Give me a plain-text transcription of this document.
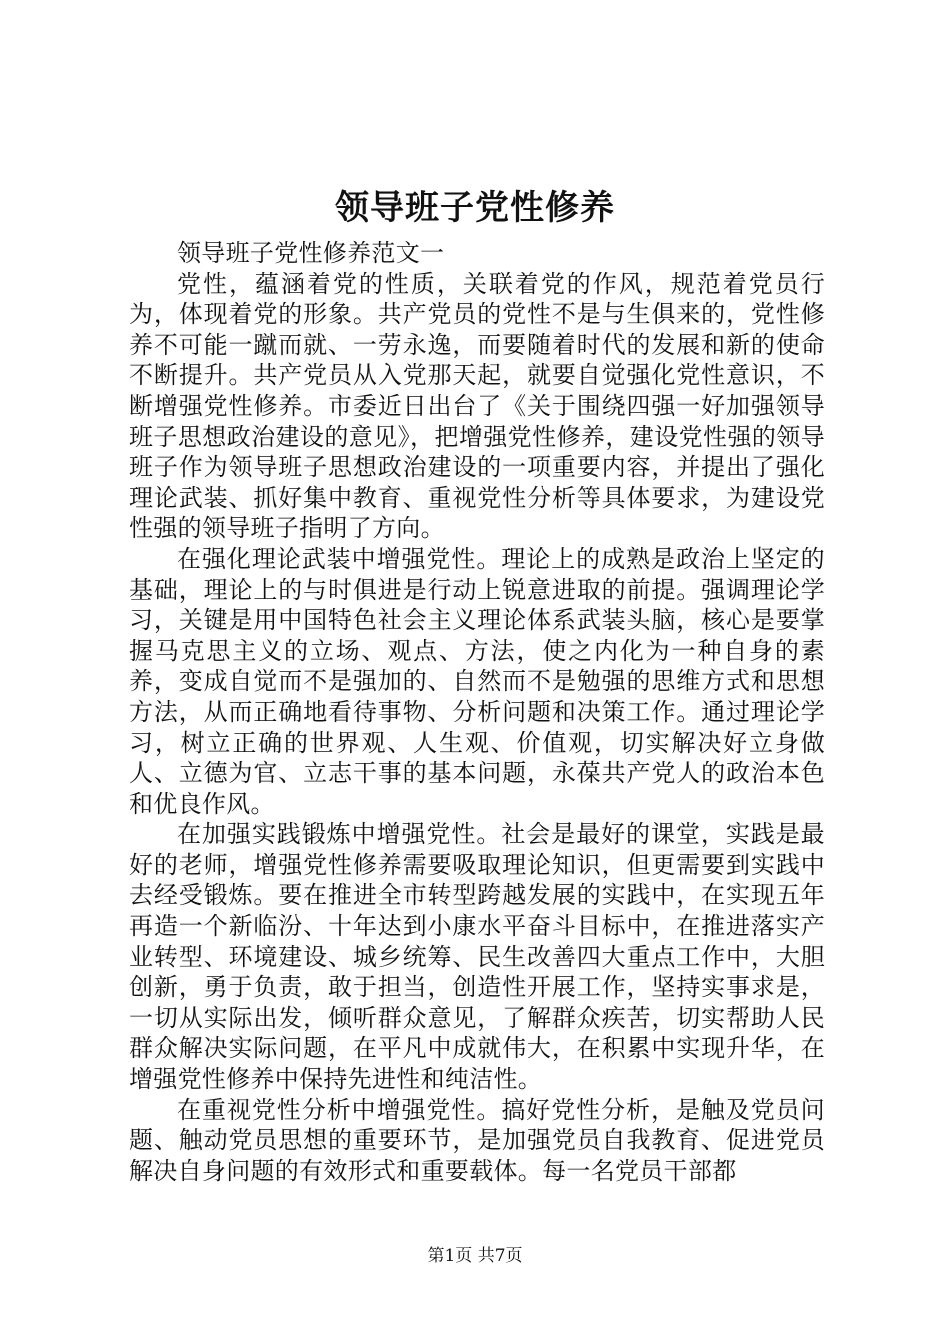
领导班子党性修养

领导班子党性修养范文一

党性，蕴涵着党的性质，关联着党的作风，规范着党员行为，体现着党的形象。共产党员的党性不是与生俱来的，党性修养不可能一蹴而就、一劳永逸，而要随着时代的发展和新的使命不断提升。共产党员从入党那天起，就要自觉强化党性意识，不断增强党性修养。市委近日出台了《关于围绕四强一好加强领导班子思想政治建设的意见》，把增强党性修养，建设党性强的领导班子作为领导班子思想政治建设的一项重要内容，并提出了强化理论武装、抓好集中教育、重视党性分析等具体要求，为建设党性强的领导班子指明了方向。

在强化理论武装中增强党性。理论上的成熟是政治上坚定的基础，理论上的与时俱进是行动上锐意进取的前提。强调理论学习，关键是用中国特色社会主义理论体系武装头脑，核心是要掌握马克思主义的立场、观点、方法，使之内化为一种自身的素养，变成自觉而不是强加的、自然而不是勉强的思维方式和思想方法，从而正确地看待事物、分析问题和决策工作。通过理论学习，树立正确的世界观、人生观、价值观，切实解决好立身做人、立德为官、立志干事的基本问题，永葆共产党人的政治本色和优良作风。

在加强实践锻炼中增强党性。社会是最好的课堂，实践是最好的老师，增强党性修养需要吸取理论知识，但更需要到实践中去经受锻炼。要在推进全市转型跨越发展的实践中，在实现五年再造一个新临汾、十年达到小康水平奋斗目标中，在推进落实产业转型、环境建设、城乡统筹、民生改善四大重点工作中，大胆创新，勇于负责，敢于担当，创造性开展工作，坚持实事求是，一切从实际出发，倾听群众意见，了解群众疾苦，切实帮助人民群众解决实际问题，在平凡中成就伟大，在积累中实现升华，在增强党性修养中保持先进性和纯洁性。

在重视党性分析中增强党性。搞好党性分析，是触及党员问题、触动党员思想的重要环节，是加强党员自我教育、促进党员解决自身问题的有效形式和重要载体。每一名党员干部都

第1页 共7页
